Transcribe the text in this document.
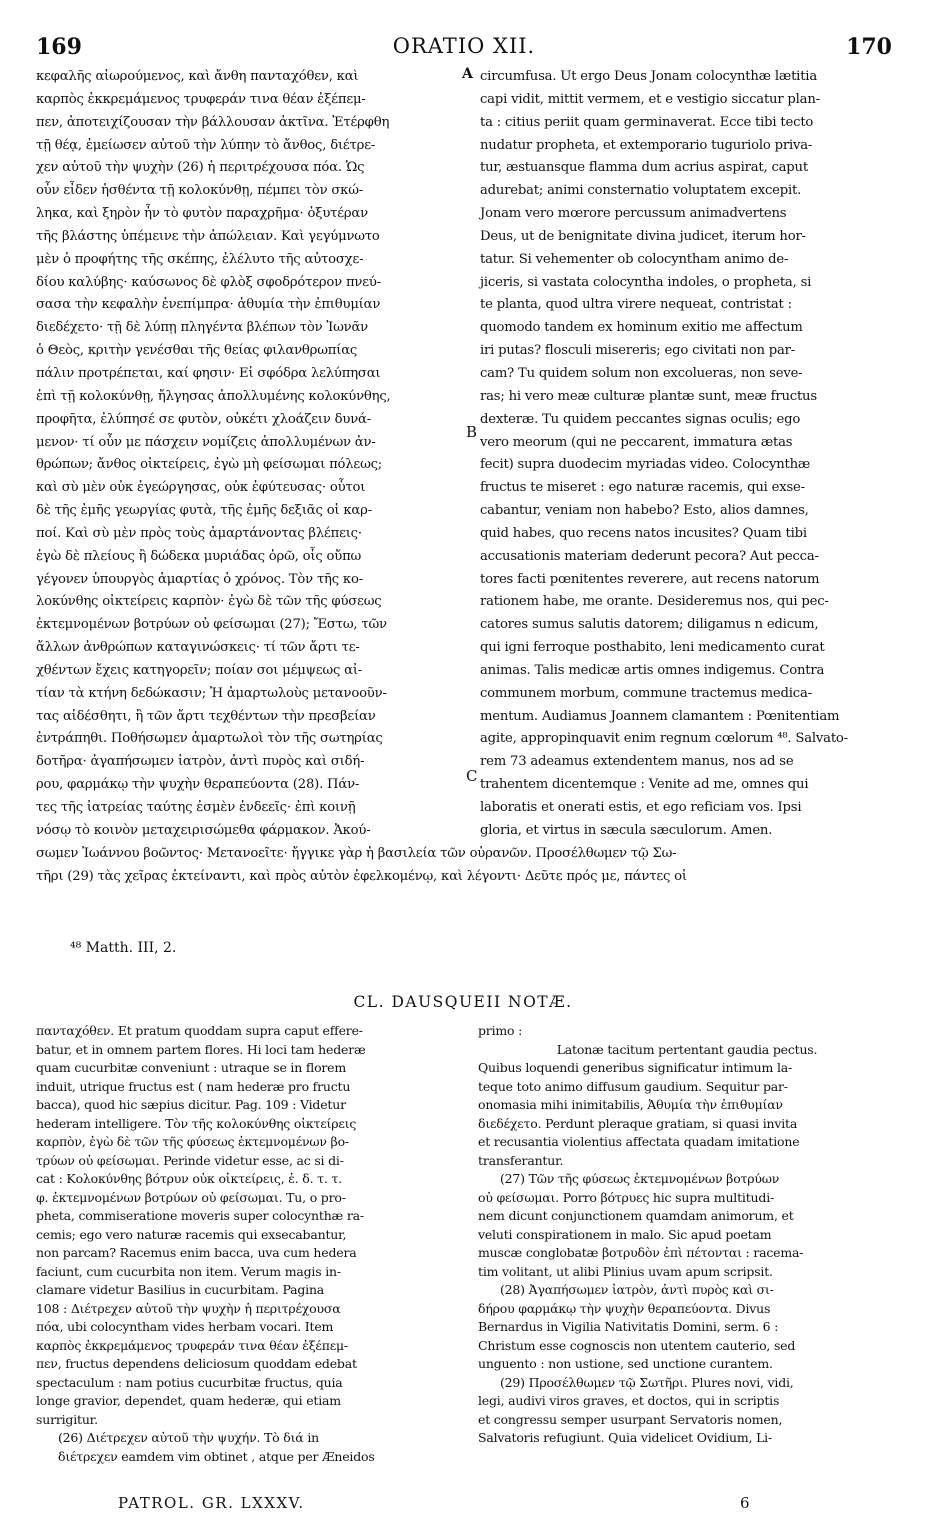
169	ORATIO XII.	170
κεφαλῆς αἰωρούμενος, καὶ ἄνθη πανταχόθεν, καὶ
καρπὸς ἐκκρεμάμενος τρυφεράν τινα θέαν ἐξέπεμ-
πεν, ἀποτειχίζουσαν τὴν βάλλουσαν ἀκτῖνα. Ἐτέρφθη
τῇ θέᾳ, ἐμείωσεν αὐτοῦ τὴν λύπην τὸ ἄνθος, διέτρε-
χεν αὐτοῦ τὴν ψυχὴν (26) ἡ περιτρέχουσα πόα. Ὡς
οὖν εἶδεν ἡσθέντα τῇ κολοκύνθῃ, πέμπει τὸν σκώ-
ληκα, καὶ ξηρὸν ἦν τὸ φυτὸν παραχρῆμα· ὀξυτέραν
τῆς βλάστης ὑπέμεινε τὴν ἀπώλειαν. Καὶ γεγύμνωτο
μὲν ὁ προφήτης τῆς σκέπης, ἐλέλυτο τῆς αὐτοσχε-
δίου καλύβης· καύσωνος δὲ φλὸξ σφοδρότερον πνεύ-
σασα τὴν κεφαλὴν ἐνεπίμπρα· ἀθυμία τὴν ἐπιθυμίαν
διεδέχετο· τῇ δὲ λύπῃ πληγέντα βλέπων τὸν Ἰωνᾶν
ὁ Θεὸς, κριτὴν γενέσθαι τῆς θείας φιλανθρωπίας
πάλιν προτρέπεται, καί φησιν· Εἰ σφόδρα λελύπησαι
ἐπὶ τῇ κολοκύνθῃ, ἤλγησας ἀπολλυμένης κολοκύνθης,
προφῆτα, ἐλύπησέ σε φυτὸν, οὐκέτι χλοάζειν δυνά-
μενον· τί οὖν με πάσχειν νομίζεις ἀπολλυμένων ἀν-
θρώπων; ἄνθος οἰκτείρεις, ἐγὼ μὴ φείσωμαι πόλεως;
καὶ σὺ μὲν οὐκ ἐγεώργησας, οὐκ ἐφύτευσας· οὗτοι
δὲ τῆς ἐμῆς γεωργίας φυτὰ, τῆς ἐμῆς δεξιᾶς οἱ καρ-
ποί. Καὶ σὺ μὲν πρὸς τοὺς ἁμαρτάνοντας βλέπεις·
ἐγὼ δὲ πλείους ἢ δώδεκα μυριάδας ὁρῶ, οἷς οὔπω
γέγονεν ὑπουργὸς ἁμαρτίας ὁ χρόνος. Τὸν τῆς κο-
λοκύνθης οἰκτείρεις καρπὸν· ἐγὼ δὲ τῶν τῆς φύσεως
ἐκτεμνομένων βοτρύων οὐ φείσωμαι (27); Ἔστω, τῶν
ἄλλων ἀνθρώπων καταγινώσκεις· τί τῶν ἄρτι τε-
χθέντων ἔχεις κατηγορεῖν; ποίαν σοι μέμψεως αἰ-
τίαν τὰ κτήνη δεδώκασιν; Ἡ ἁμαρτωλοὺς μετανοοῦν-
τας αἰδέσθητι, ἢ τῶν ἄρτι τεχθέντων τὴν πρεσβείαν
ἐντράπηθι. Ποθήσωμεν ἁμαρτωλοὶ τὸν τῆς σωτηρίας
δοτῆρα· ἀγαπήσωμεν ἰατρὸν, ἀντὶ πυρὸς καὶ σιδή-
ρου, φαρμάκῳ τὴν ψυχὴν θεραπεύοντα (28). Πάν-
τες τῆς ἰατρείας ταύτης ἐσμὲν ἐνδεεῖς· ἐπὶ κοινῇ
νόσῳ τὸ κοινὸν μεταχειρισώμεθα φάρμακον. Ἀκού-
σωμεν Ἰωάννου βοῶντος· Μετανοεῖτε· ἤγγικε γὰρ ἡ βασιλεία τῶν οὐρανῶν. Προσέλθωμεν τῷ Σω-
τῆρι (29) τὰς χεῖρας ἐκτείναντι, καὶ πρὸς αὐτὸν ἐφελκομένῳ, καὶ λέγοντι· Δεῦτε πρός με, πάντες οἱ
circumfusa. Ut ergo Deus Jonam colocynthæ lætitia
capi vidit, mittit vermem, et e vestigio siccatur plan-
ta : citius periit quam germinaverat. Ecce tibi tecto
nudatur propheta, et extemporario tuguriolo priva-
tur, æstuansque flamma dum acrius aspirat, caput
adurebat; animi consternatio voluptatem excepit.
Jonam vero mœrore percussum animadvertens
Deus, ut de benignitate divina judicet, iterum hor-
tatur. Si vehementer ob colocyntham animo de-
jiceris, si vastata colocyntha indoles, o propheta, si
te planta, quod ultra virere nequeat, contristat :
quomodo tandem ex hominum exitio me affectum
iri putas? flosculi misereris; ego civitati non par-
cam? Tu quidem solum non excolueras, non seve-
ras; hi vero meæ culturæ plantæ sunt, meæ fructus
dexteræ. Tu quidem peccantes signas oculis; ego
vero meorum (qui ne peccarent, immatura ætas
fecit) supra duodecim myriadas video. Colocynthæ
fructus te miseret : ego naturæ racemis, qui exse-
cabantur, veniam non habebo? Esto, alios damnes,
quid habes, quo recens natos incusites? Quam tibi
accusationis materiam dederunt pecora? Aut pecca-
tores facti pœnitentes reverere, aut recens natorum
rationem habe, me orante. Desideremus nos, qui pec-
catores sumus salutis datorem; diligamus n edicum,
qui igni ferroque posthabito, leni medicamento curat
animas. Talis medicæ artis omnes indigemus. Contra
communem morbum, commune tractemus medica-
mentum. Audiamus Joannem clamantem : Pœnitentiam
agite, appropinquavit enim regnum cœlorum ⁴⁸. Salvato-
rem 73 adeamus extendentem manus, nos ad se
trahentem dicentemque : Venite ad me, omnes qui
laboratis et onerati estis, et ego reficiam vos. Ipsi
gloria, et virtus in sæcula sæculorum. Amen.
A
B
C
⁴⁸ Matth. III, 2.
CL. DAUSQUEII NOTÆ.
πανταχόθεν. Et pratum quoddam supra caput effere-
batur, et in omnem partem flores. Hi loci tam hederæ
quam cucurbitæ conveniunt : utraque se in florem
induit, utrique fructus est ( nam hederæ pro fructu
bacca), quod hic sæpius dicitur. Pag. 109 : Videtur
hederam intelligere. Τὸν τῆς κολοκύνθης οἰκτείρεις
καρπὸν, ἐγὼ δὲ τῶν τῆς φύσεως ἐκτεμνομένων βο-
τρύων οὐ φείσωμαι. Perinde videtur esse, ac si di-
cat : Κολοκύνθης βότρυν οὐκ οἰκτείρεις, ἐ. δ. τ. τ.
φ. ἐκτεμνομένων βοτρύων οὐ φείσωμαι. Tu, o pro-
pheta, commiseratione moveris super colocynthæ ra-
cemis; ego vero naturæ racemis qui exsecabantur,
non parcam? Racemus enim bacca, uva cum hedera
faciunt, cum cucurbita non item. Verum magis in-
clamare videtur Basilius in cucurbitam. Pagina
108 : Διέτρεχεν αὐτοῦ τὴν ψυχὴν ἡ περιτρέχουσα
πόα, ubi colocyntham vides herbam vocari. Item
καρπὸς ἐκκρεμάμενος τρυφεράν τινα θέαν ἐξέπεμ-
πεν, fructus dependens deliciosum quoddam edebat
spectaculum : nam potius cucurbitæ fructus, quia
longe gravior, dependet, quam hederæ, qui etiam
surrigitur.
(26) Διέτρεχεν αὐτοῦ τὴν ψυχήν. Τὸ διά in
διέτρεχεν eamdem vim obtinet , atque per Æneidos
primo :
Latonæ tacitum pertentant gaudia pectus.
Quibus loquendi generibus significatur intimum la-
teque toto animo diffusum gaudium. Sequitur par-
onomasia mihi inimitabilis, Ἀθυμία τὴν ἐπιθυμίαν
διεδέχετο. Perdunt pleraque gratiam, si quasi invita
et recusantia violentius affectata quadam imitatione
transferantur.
(27) Τῶν τῆς φύσεως ἐκτεμνομένων βοτρύων
οὐ φείσωμαι. Porro βότρυες hic supra multitudi-
nem dicunt conjunctionem quamdam animorum, et
veluti conspirationem in malo. Sic apud poetam
muscæ conglobatæ βοτρυδὸν ἐπὶ πέτονται : racema-
tim volitant, ut alibi Plinius uvam apum scripsit.
(28) Ἀγαπήσωμεν ἰατρὸν, ἀντὶ πυρὸς καὶ σι-
δήρου φαρμάκῳ τὴν ψυχὴν θεραπεύοντα. Divus
Bernardus in Vigilia Nativitatis Domini, serm. 6 :
Christum esse cognoscis non utentem cauterio, sed
unguento : non ustione, sed unctione curantem.
(29) Προσέλθωμεν τῷ Σωτῆρι. Plures novi, vidi,
legi, audivi viros graves, et doctos, qui in scriptis
et congressu semper usurpant Servatoris nomen,
Salvatoris refugiunt. Quia videlicet Ovidium, Li-
PATROL. GR. LXXXV.	6
